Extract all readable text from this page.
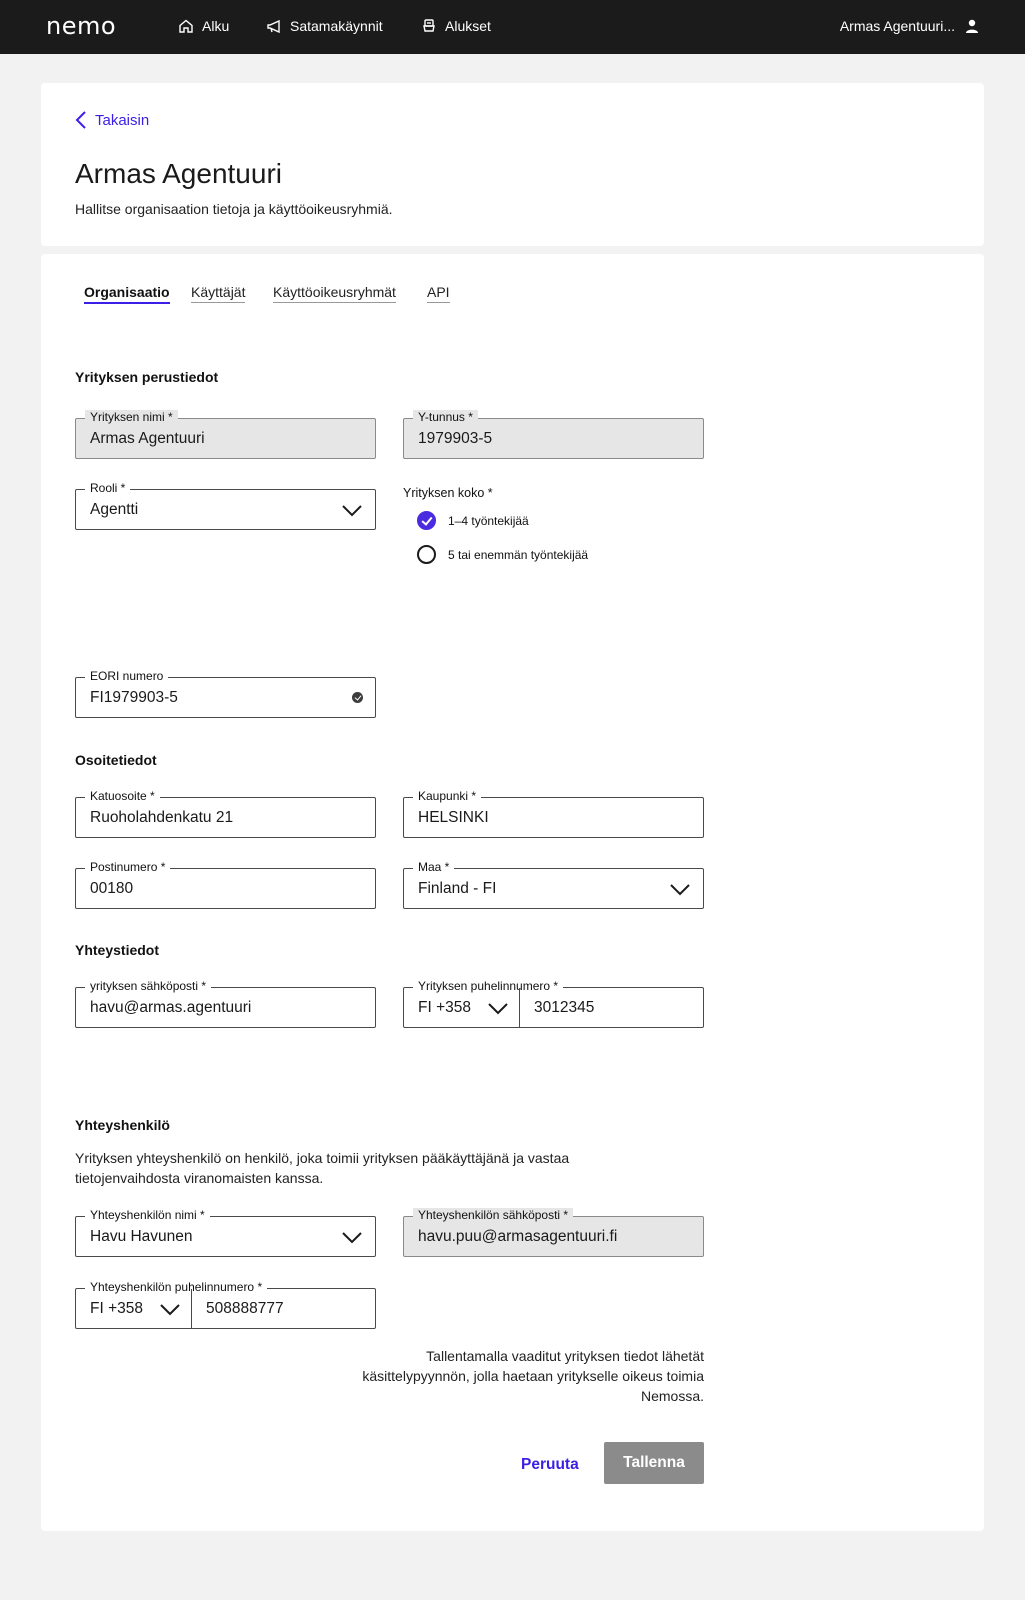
nemo	Alku	Satamakäynnit	Alukset	Armas Agentuuri...
Takaisin
Armas Agentuuri

Hallitse organisaation tietoja ja käyttöoikeusryhmiä.

Organisaatio Käyttäjät Käyttöoikeusryhmät API
Yrityksen perustiedot
Yrityksen nimi *
Armas Agentuuri
Y-tunnus *
1979903-5
Rooli *
Agentti
Yrityksen koko *
1–4 työntekijää
5 tai enemmän työntekijää
EORI numero
FI1979903-5
Osoitetiedot
Katuosoite *
Ruoholahdenkatu 21
Kaupunki *
HELSINKI
Postinumero *
00180
Maa *
Finland - FI
Yhteystiedot
yrityksen sähköposti *
havu@armas.agentuuri
Yrityksen puhelinnumero *
FI +358	3012345
Yhteyshenkilö

Yrityksen yhteyshenkilö on henkilö, joka toimii yrityksen pääkäyttäjänä ja vastaa tietojenvaihdosta viranomaisten kanssa.

Yhteyshenkilön nimi *
Havu Havunen
Yhteyshenkilön sähköposti *
havu.puu@armasagentuuri.fi
Yhteyshenkilön puhelinnumero *
FI +358	508888777

Tallentamalla vaaditut yrityksen tiedot lähetät käsittelypyynnön, jolla haetaan yritykselle oikeus toimia Nemossa.

Peruuta	Tallenna
